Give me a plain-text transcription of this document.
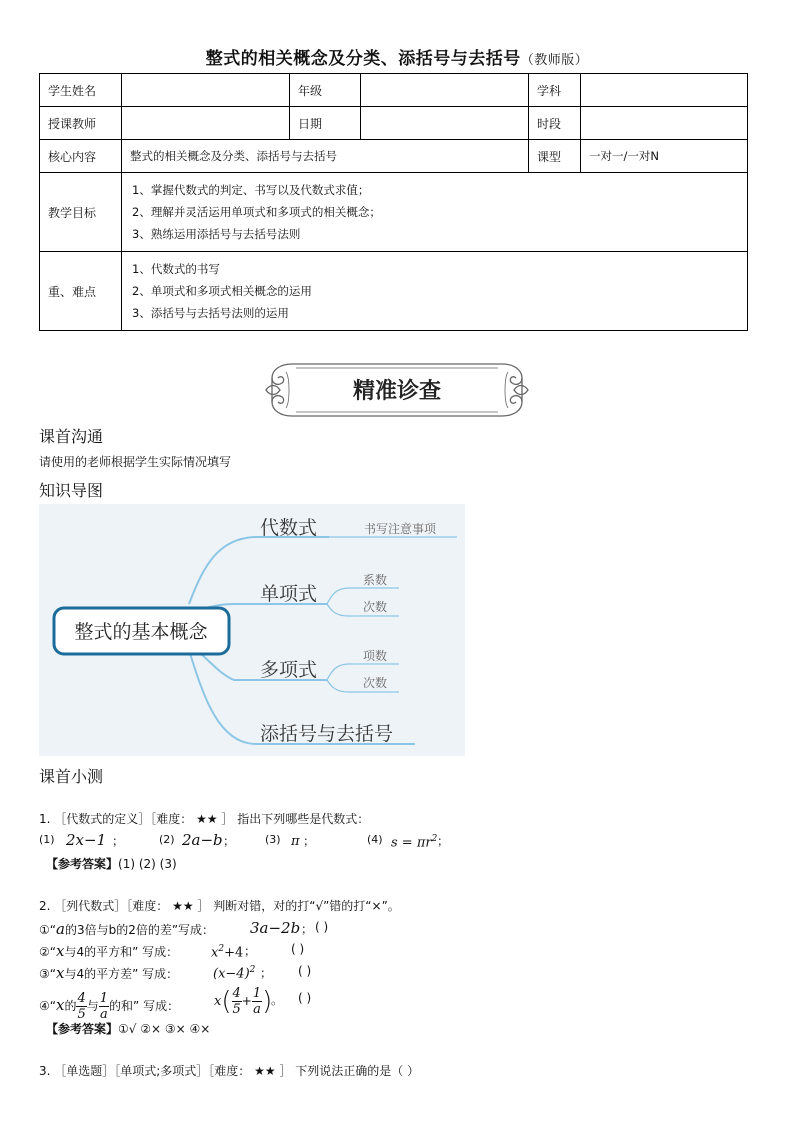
整式的相关概念及分类、添括号与去括号（教师版）
学生姓名		年级		学科	
授课教师		日期		时段	
核心内容	整式的相关概念及分类、添括号与去括号			课型	一对一/一对N
教学目标	1、掌握代数式的判定、书写以及代数式求值；
2、理解并灵活运用单项式和多项式的相关概念；
3、熟练运用添括号与去括号法则				

重、难点	1、代数式的书写
2、单项式和多项式相关概念的运用
3、添括号与去括号法则的运用				
精准诊查
课首沟通
请使用的老师根据学生实际情况填写
知识导图
整式的基本概念
代数式	书写注意事项
单项式
系数
次数
多项式
项数
次数
添括号与去括号
课首小测
1. ［代数式的定义］［难度： ★★ ］ 指出下列哪些是代数式：
(1) 2x−1 ；	(2) 2a−b ；	(3) π ；	(4) $s = \pi r^2$ ；
【参考答案】(1) (2) (3)
2. ［列代数式］［难度： ★★ ］ 判断对错，对的打“√”错的打“×”。
①“a的3倍与b的2倍的差”写成： 3a−2b ； ( )
②“x与4的平方和” 写成：	$x^2+4$ ；	( )
③“x与4的平方差” 写成：	$(x-4)^2$ ； ( )
④“x的 $\frac{4}{5}$ 与 $\frac{1}{a}$ 的和” 写成：	$x( \frac{4}{5} + \frac{1}{a}$ )
。 ( )
【参考答案】①√ ②× ③× ④×
3. ［单选题］［单项式;多项式］［难度： ★★ ］ 下列说法正确的是（ ）
